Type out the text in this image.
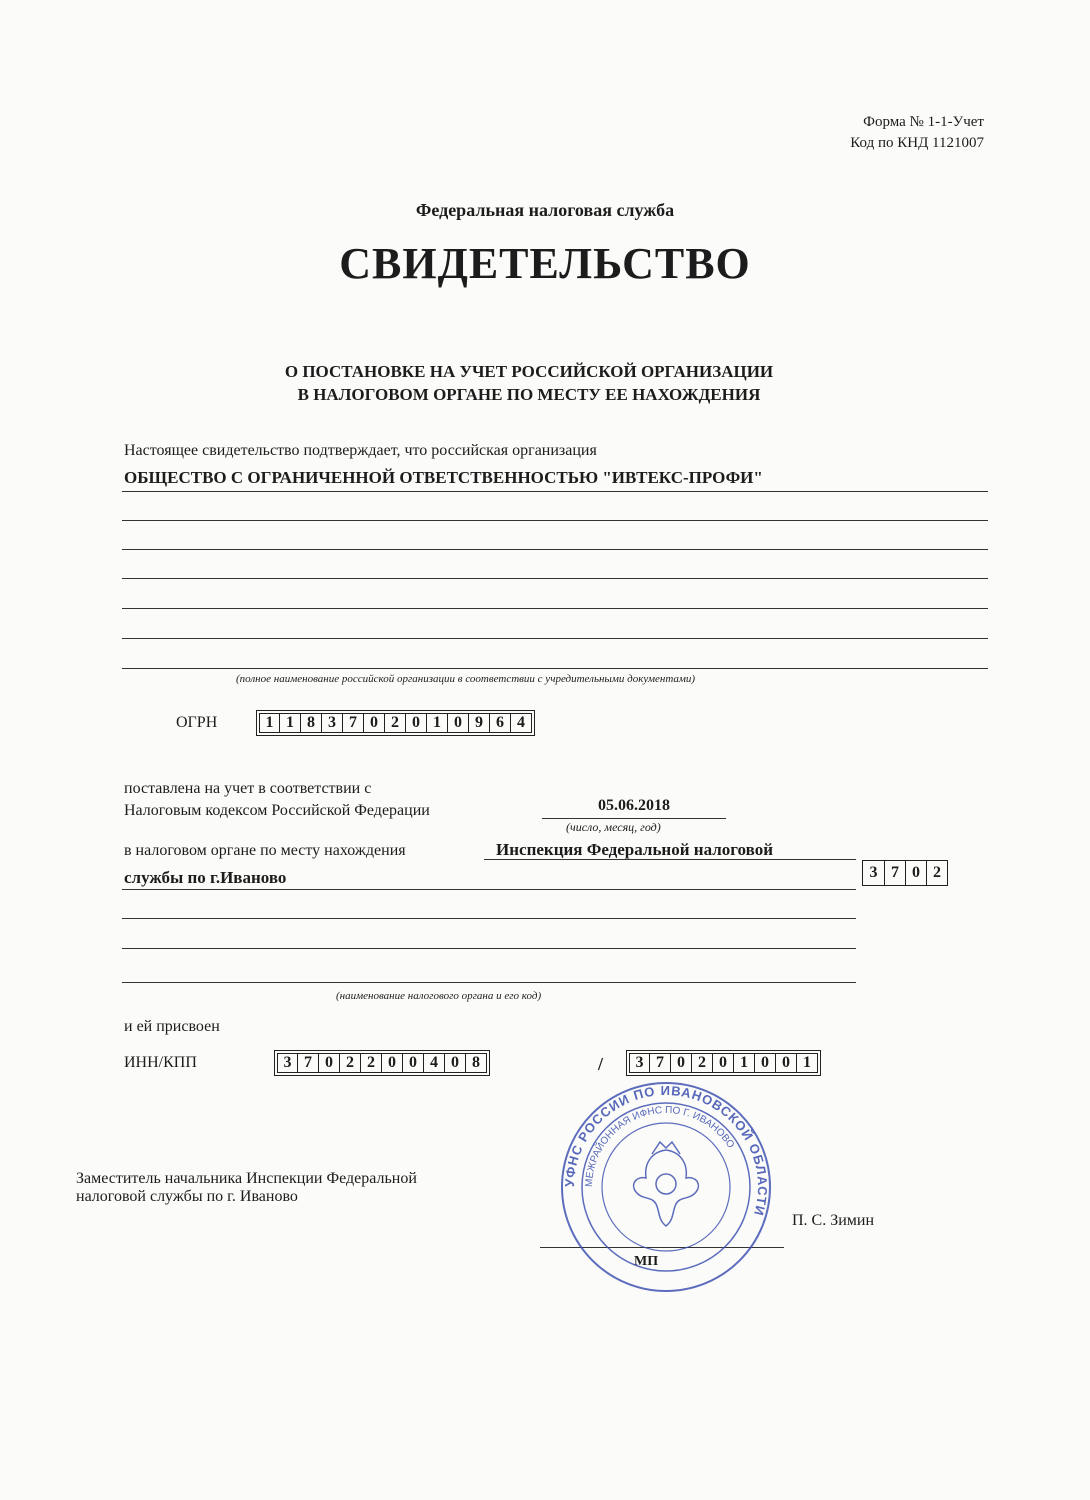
Форма № 1-1-Учет
Код по КНД 1121007
Федеральная налоговая служба
СВИДЕТЕЛЬСТВО
О ПОСТАНОВКЕ НА УЧЕТ РОССИЙСКОЙ ОРГАНИЗАЦИИ
В НАЛОГОВОМ ОРГАНЕ ПО МЕСТУ ЕЕ НАХОЖДЕНИЯ
Настоящее свидетельство подтверждает, что российская организация
ОБЩЕСТВО С ОГРАНИЧЕННОЙ ОТВЕТСТВЕННОСТЬЮ "ИВТЕКС-ПРОФИ"
(полное наименование российской организации в соответствии с учредительными документами)
ОГРН	1 1 8 3 7 0 2 0 1 0 9 6 4
поставлена на учет в соответствии с
Налоговым кодексом Российской Федерации	05.06.2018
(число, месяц, год)
в налоговом органе по месту нахождения	Инспекция Федеральной налоговой
службы по г.Иваново	3 7 0 2
(наименование налогового органа и его код)
и ей присвоен
ИНН/КПП	3 7 0 2 2 0 0 4 0 8	/	3 7 0 2 0 1 0 0 1
Заместитель начальника Инспекции Федеральной
налоговой службы по г. Иваново
П. С. Зимин
МП
УФНС РОССИИ ПО ИВАНОВСКОЙ ОБЛАСТИ
МЕЖРАЙОННАЯ ИФНС ПО Г. ИВАНОВО
